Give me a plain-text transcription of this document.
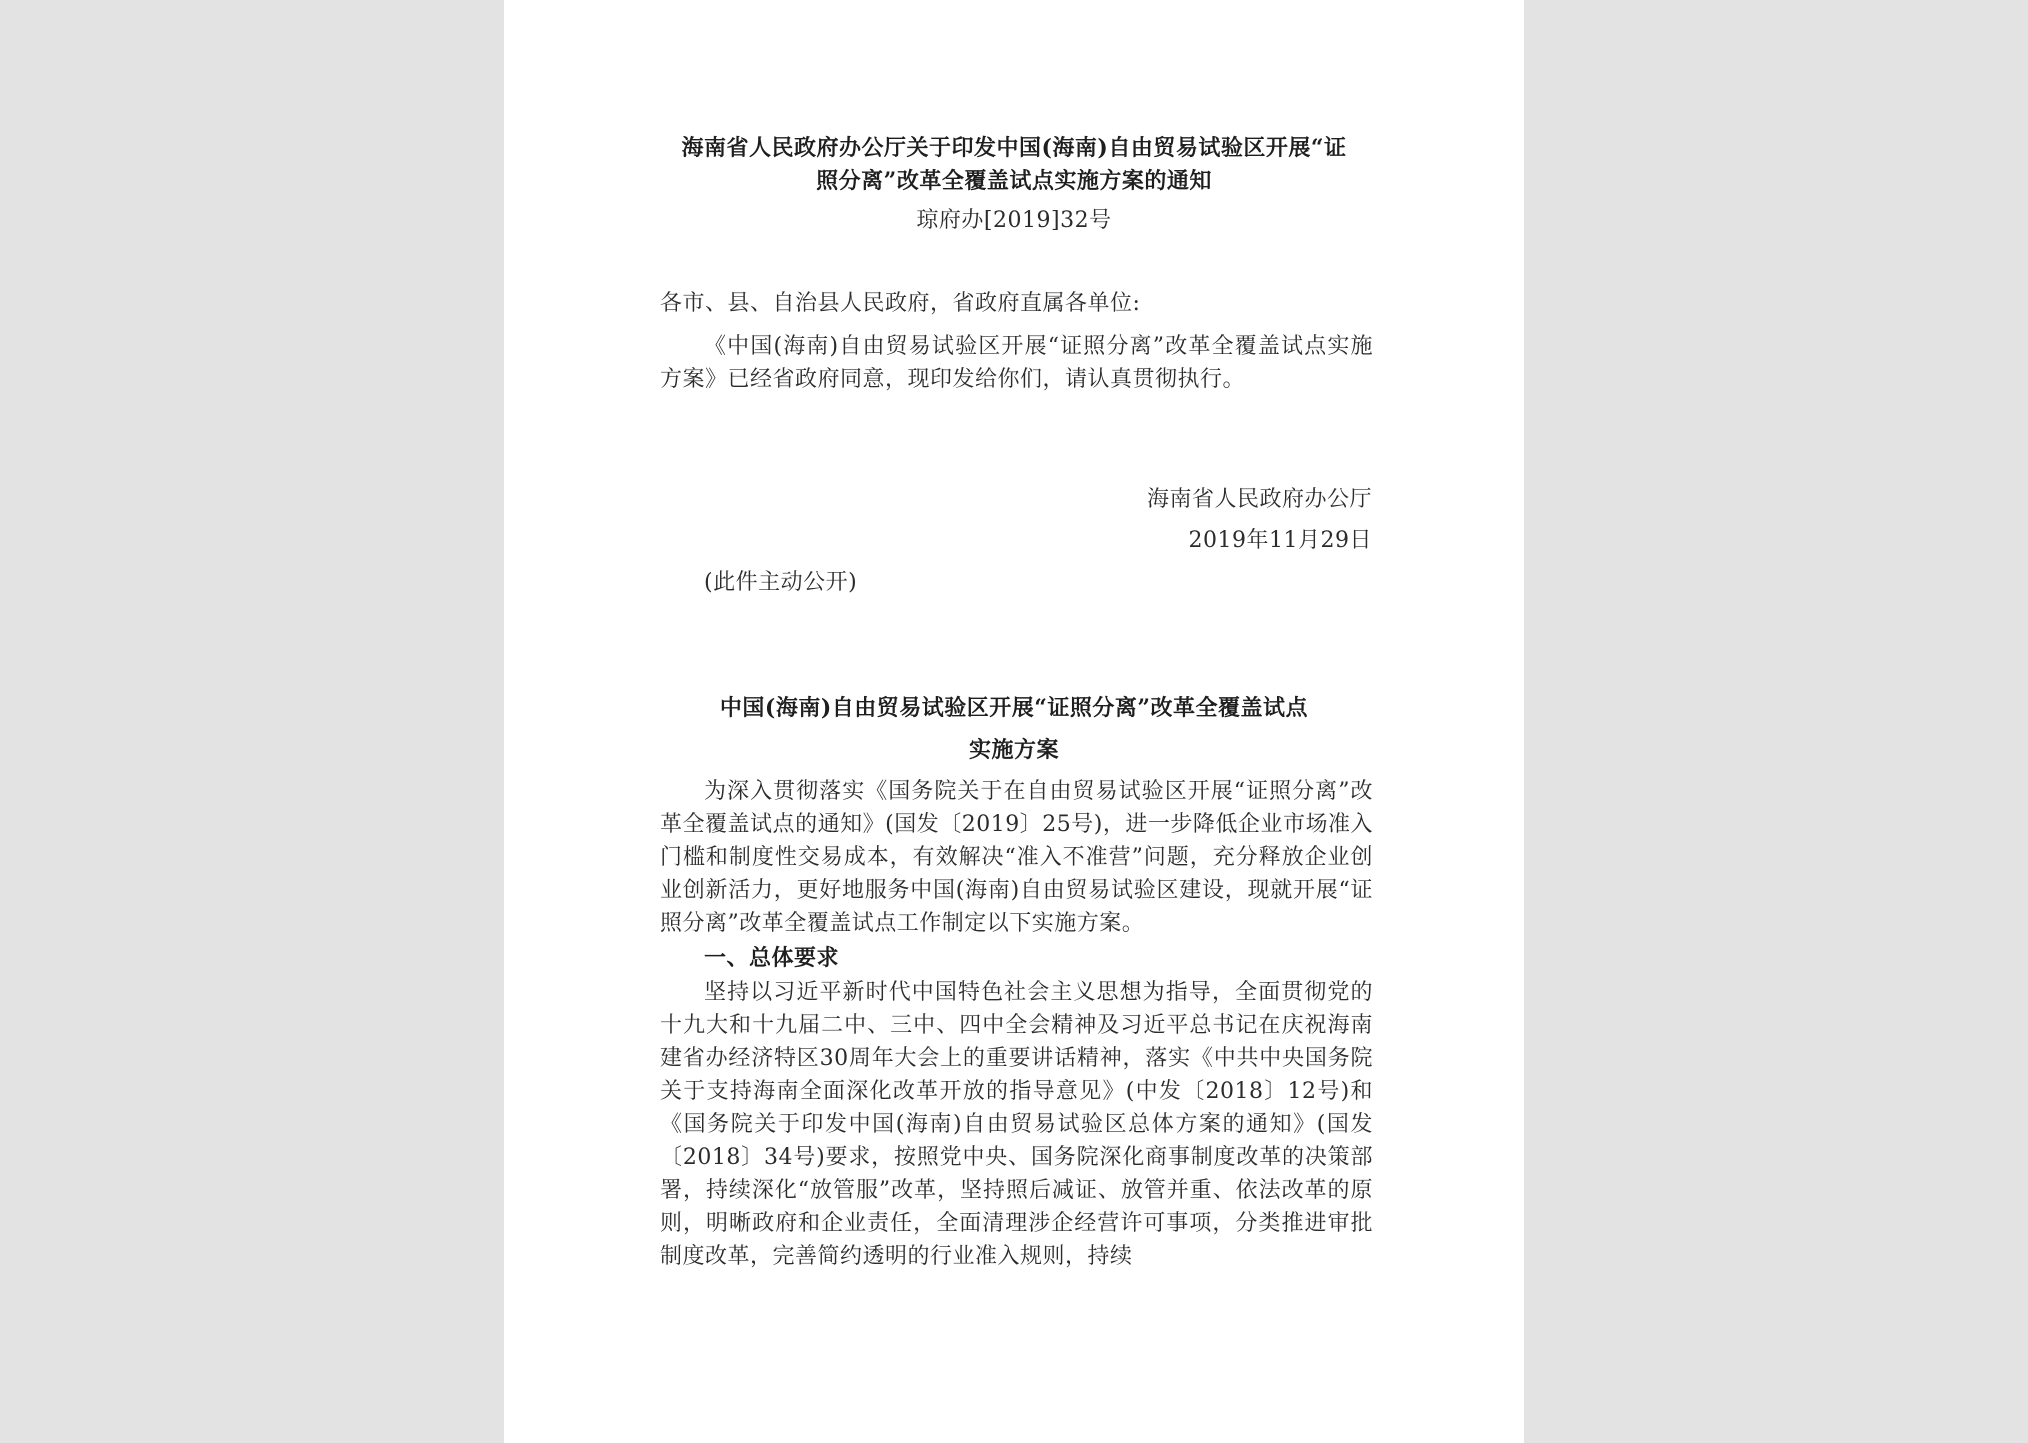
海南省人民政府办公厅关于印发中国(海南)自由贸易试验区开展“证
照分离”改革全覆盖试点实施方案的通知
琼府办[2019]32号
各市、县、自治县人民政府，省政府直属各单位:

《中国(海南)自由贸易试验区开展“证照分离”改革全覆盖试点实施方案》已经省政府同意，现印发给你们，请认真贯彻执行。

海南省人民政府办公厅
2019年11月29日
(此件主动公开)
中国(海南)自由贸易试验区开展“证照分离”改革全覆盖试点
实施方案

为深入贯彻落实《国务院关于在自由贸易试验区开展“证照分离”改革全覆盖试点的通知》(国发〔2019〕25号)，进一步降低企业市场准入门槛和制度性交易成本，有效解决“准入不准营”问题，充分释放企业创业创新活力，更好地服务中国(海南)自由贸易试验区建设，现就开展“证照分离”改革全覆盖试点工作制定以下实施方案。

一、总体要求

坚持以习近平新时代中国特色社会主义思想为指导，全面贯彻党的十九大和十九届二中、三中、四中全会精神及习近平总书记在庆祝海南建省办经济特区30周年大会上的重要讲话精神，落实《中共中央国务院关于支持海南全面深化改革开放的指导意见》(中发〔2018〕12号)和《国务院关于印发中国(海南)自由贸易试验区总体方案的通知》(国发〔2018〕34号)要求，按照党中央、国务院深化商事制度改革的决策部署，持续深化“放管服”改革，坚持照后减证、放管并重、依法改革的原则，明晰政府和企业责任，全面清理涉企经营许可事项，分类推进审批制度改革，完善简约透明的行业准入规则，持续
